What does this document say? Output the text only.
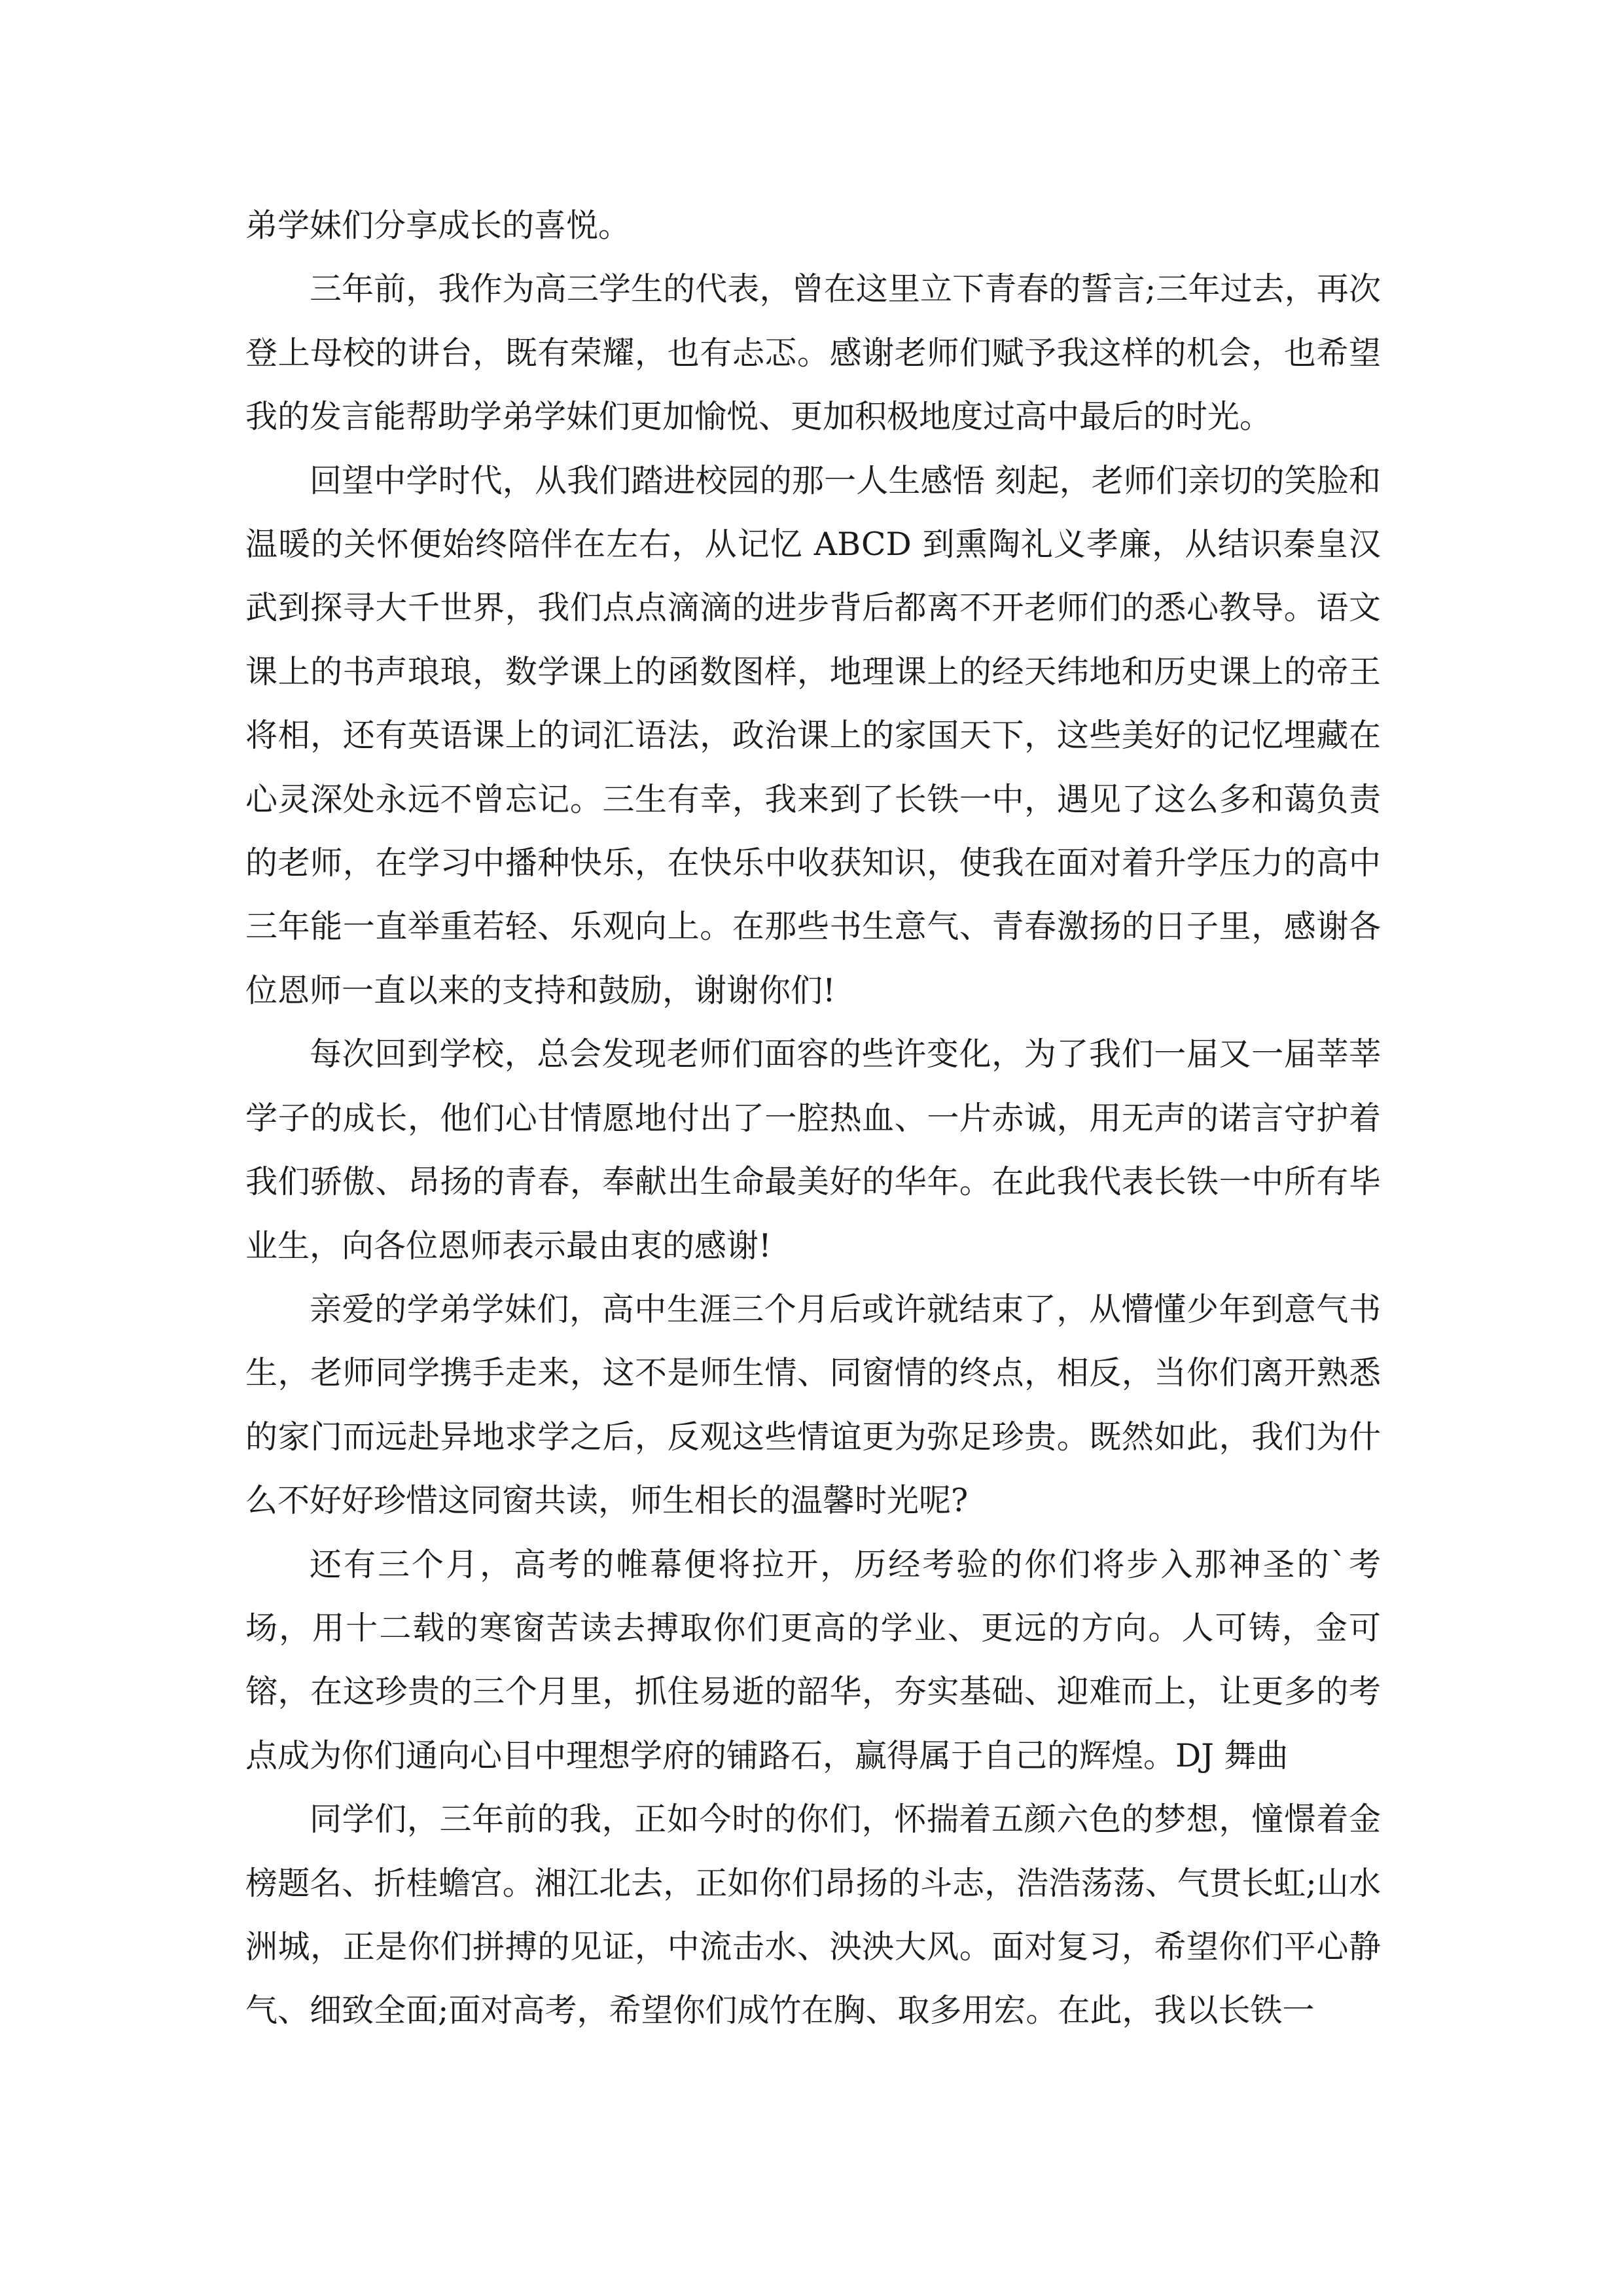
弟学妹们分享成长的喜悦。

三年前，我作为高三学生的代表，曾在这里立下青春的誓言;三年过去，再次登上母校的讲台，既有荣耀，也有忐忑。感谢老师们赋予我这样的机会，也希望我的发言能帮助学弟学妹们更加愉悦、更加积极地度过高中最后的时光。

回望中学时代，从我们踏进校园的那一人生感悟 刻起，老师们亲切的笑脸和温暖的关怀便始终陪伴在左右，从记忆 ABCD 到熏陶礼义孝廉，从结识秦皇汉武到探寻大千世界，我们点点滴滴的进步背后都离不开老师们的悉心教导。语文课上的书声琅琅，数学课上的函数图样，地理课上的经天纬地和历史课上的帝王将相，还有英语课上的词汇语法，政治课上的家国天下，这些美好的记忆埋藏在心灵深处永远不曾忘记。三生有幸，我来到了长铁一中，遇见了这么多和蔼负责的老师，在学习中播种快乐，在快乐中收获知识，使我在面对着升学压力的高中三年能一直举重若轻、乐观向上。在那些书生意气、青春激扬的日子里，感谢各位恩师一直以来的支持和鼓励，谢谢你们!

每次回到学校，总会发现老师们面容的些许变化，为了我们一届又一届莘莘学子的成长，他们心甘情愿地付出了一腔热血、一片赤诚，用无声的诺言守护着我们骄傲、昂扬的青春，奉献出生命最美好的华年。在此我代表长铁一中所有毕业生，向各位恩师表示最由衷的感谢!

亲爱的学弟学妹们，高中生涯三个月后或许就结束了，从懵懂少年到意气书生，老师同学携手走来，这不是师生情、同窗情的终点，相反，当你们离开熟悉的家门而远赴异地求学之后，反观这些情谊更为弥足珍贵。既然如此，我们为什么不好好珍惜这同窗共读，师生相长的温馨时光呢?

还有三个月，高考的帷幕便将拉开，历经考验的你们将步入那神圣的`考场，用十二载的寒窗苦读去搏取你们更高的学业、更远的方向。人可铸，金可镕，在这珍贵的三个月里，抓住易逝的韶华，夯实基础、迎难而上，让更多的考点成为你们通向心目中理想学府的铺路石，赢得属于自己的辉煌。DJ 舞曲

同学们，三年前的我，正如今时的你们，怀揣着五颜六色的梦想，憧憬着金榜题名、折桂蟾宫。湘江北去，正如你们昂扬的斗志，浩浩荡荡、气贯长虹;山水洲城，正是你们拼搏的见证，中流击水、泱泱大风。面对复习，希望你们平心静气、细致全面;面对高考，希望你们成竹在胸、取多用宏。在此，我以长铁一
